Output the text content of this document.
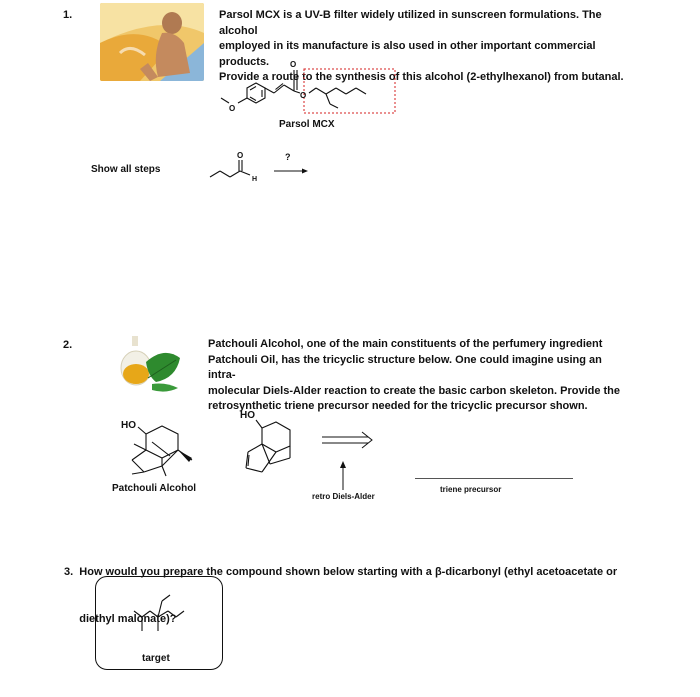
1.	Parsol MCX is a UV-B filter widely utilized in sunscreen formulations. The alcohol
employed in its manufacture is also used in other important commercial products.
Provide a route to the synthesis of this alcohol (2-ethylhexanol) from butanal.
O
O
O
Parsol MCX
Show all steps
O
H
?
2.	Patchouli Alcohol, one of the main constituents of the perfumery ingredient
Patchouli Oil, has the tricyclic structure below. One could imagine using an intra-
molecular Diels-Alder reaction to create the basic carbon skeleton. Provide the
retrosynthetic triene precursor needed for the tricyclic precursor shown.
HO
Patchouli Alcohol
HO
retro Diels-Alder
triene precursor

3.  How would you prepare the compound shown below starting with a β-dicarbonyl (ethyl acetoacetate or

diethyl malonate)?

target
